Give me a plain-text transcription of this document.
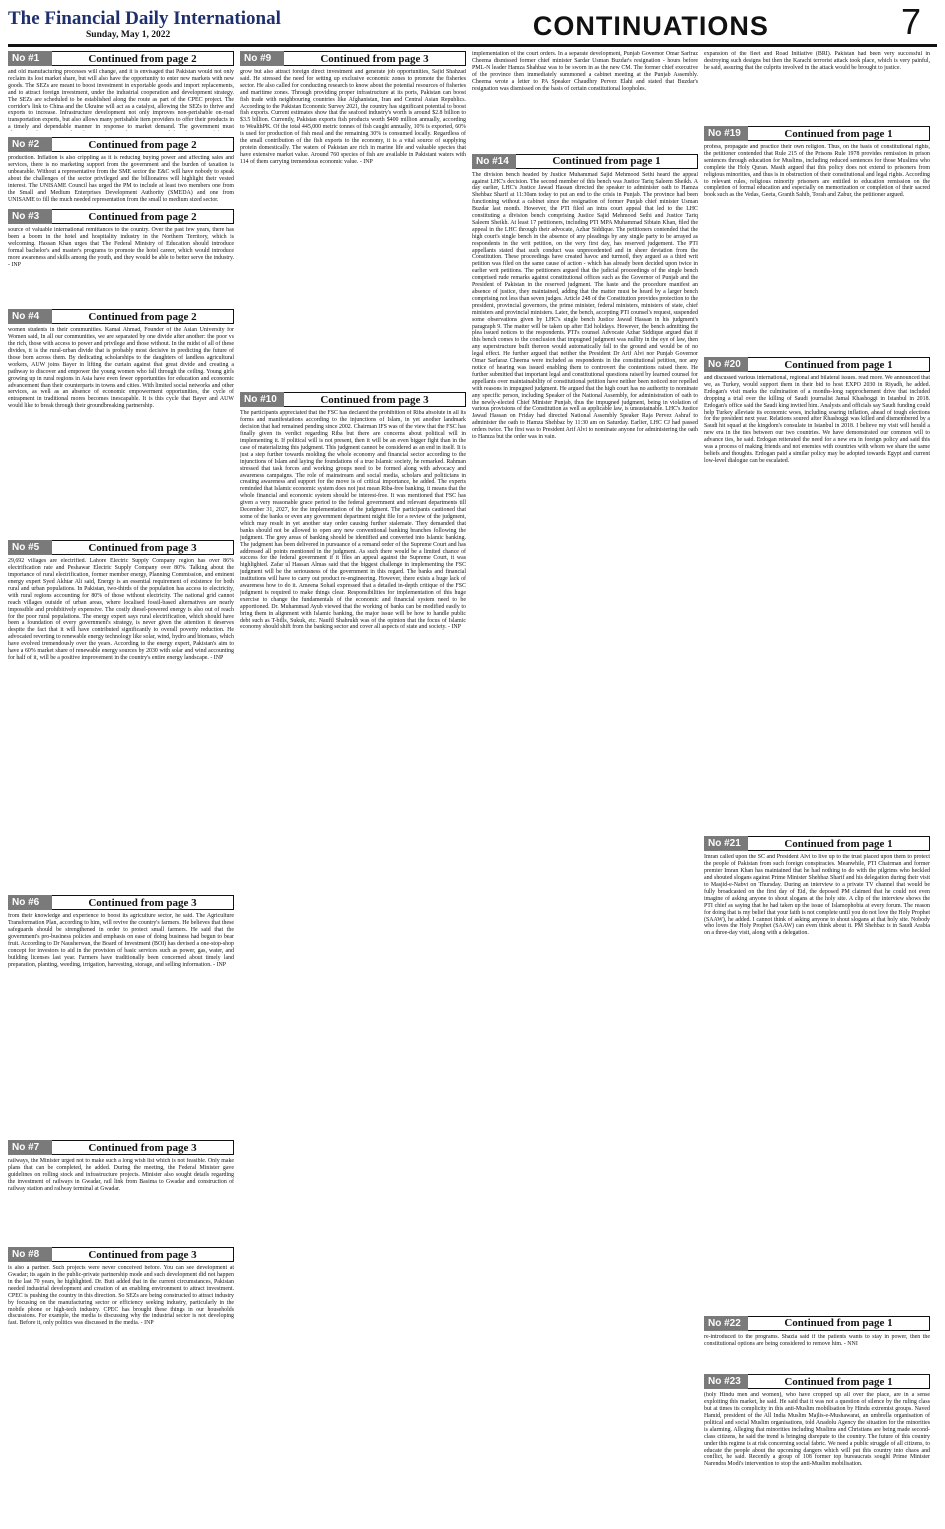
The Financial Daily International
Sunday, May 1, 2022	CONTINUATIONS	7
No #1	Continued from page 2
and old manufacturing processes will change, and it is envisaged that Pakistan would not only reclaim its lost market share, but will also have the opportunity to enter new markets with new goods. The SEZs are meant to boost investment in exportable goods and import replacements, and to attract foreign investment, under the industrial cooperation and development strategy. The SEZs are scheduled to be established along the route as part of the CPEC project. The corridor's link to China and the Ukraine will act as a catalyst, allowing the SEZs to thrive and exports to increase. Infrastructure development not only improves non-perishable on-road transportation experts, but also allows many perishable item providers to offer their products in a timely and dependable manner in response to market demand. The government must
No #2	Continued from page 2
production. Inflation is also crippling as it is reducing buying power and affecting sales and services, there is no marketing support from the government and the burden of taxation is unbearable. Without a representative from the SME sector the E&C will have nobody to speak about the challenges of the sector privileged and the billionaires will highlight their vested interest. The UNISAME Council has urged the PM to include at least two members one from the Small and Medium Enterprises Development Authority (SMEDA) and one from UNISAME to fill the much needed representation from the small to medium sized sector.
No #3	Continued from page 2
source of valuable international remittances to the country. Over the past few years, there has been a boom in the hotel and hospitality industry in the Northern Territory, which is welcoming. Hassan Khan urges that The Federal Ministry of Education should introduce formal bachelor's and master's programs to promote the hotel career, which would introduce more awareness and skills among the youth, and they would be able to better serve the industry. - INP
No #4	Continued from page 2
women students in their communities. Kamal Ahmad, Founder of the Asian University for Women said, In all our communities, we are separated by one divide after another: the poor vs the rich, those with access to power and privilege and those without. In the midst of all of these divides, it is the rural-urban divide that is probably most decisive in predicting the future of those born across them. By dedicating scholarships to the daughters of landless agricultural workers, AUW joins Bayer in lifting the curtain against that great divide and creating a pathway to discover and empower the young women who fall through the ceiling. Young girls growing up in rural regions in Asia have even fewer opportunities for education and economic advancement than their counterparts in towns and cities. With limited social networks and other services, as well as an absence of economic empowerment opportunities, the cycle of entrapment in traditional mores becomes inescapable. It is this cycle that Bayer and AUW would like to break through their groundbreaking partnership.
No #5	Continued from page 3
29,692 villages are electrified. Lahore Electric Supply Company region has over 86% electrification rate and Peshawar Electric Supply Company over 80%. Talking about the importance of rural electrification, former member energy, Planning Commission, and eminent energy expert Syed Akhtar Ali said, Energy is an essential requirement of existence for both rural and urban populations. In Pakistan, two-thirds of the population has access to electricity, with rural regions accounting for 80% of those without electricity. The national grid cannot reach villages outside of urban areas, where localised fossil-based alternatives are nearly impossible and prohibitively expensive. The costly diesel-powered energy is also out of reach for the poor rural populations. The energy expert says rural electrification, which should have been a foundation of every government's strategy, is never given the attention it deserves despite the fact that it will have contributed significantly to overall poverty reduction. He advocated reverting to renewable energy technology like solar, wind, hydro and biomass, which have evolved tremendously over the years. According to the energy expert, Pakistan's aim to have a 60% market share of renewable energy sources by 2030 with solar and wind accounting for half of it, will be a positive improvement in the country's entire energy landscape. - INP
No #6	Continued from page 3
from their knowledge and experience to boost its agriculture sector, he said. The Agriculture Transformation Plan, according to him, will revive the country's farmers. He believes that these safeguards should be strengthened in order to protect small farmers. He said that the government's pro-business policies and emphasis on ease of doing business had begun to bear fruit. According to Dr Nausherwan, the Board of Investment (BOI) has devised a one-stop-shop concept for investors to aid in the provision of basic services such as power, gas, water, and building licenses last year. Farmers have traditionally been concerned about timely land preparation, planting, weeding, irrigation, harvesting, storage, and selling information. - INP
No #7	Continued from page 3
railways, the Minister urged not to make such a long wish list which is not feasible. Only make plans that can be completed, he added. During the meeting, the Federal Minister gave guidelines on rolling stock and infrastructure projects. Minister also sought details regarding the investment of railways in Gwadar, rail link from Basima to Gwadar and construction of railway station and railway terminal at Gwadar.
No #8	Continued from page 3
is also a partner. Such projects were never conceived before. You can see development at Gwadar; its again in the public-private partnership mode and such development did not happen in the last 70 years, he highlighted. Dr. Butt added that in the current circumstances, Pakistan needed industrial development and creation of an enabling environment to attract investment. CPEC is pushing the country in this direction. So SEZs are being constructed to attract industry by focusing on the manufacturing sector or efficiency seeking industry, particularly in the mobile phone or high-tech industry. CPEC has brought these things in our households discussions. For example, the media is discussing why the industrial sector is not developing fast. Before it, only politics was discussed in the media. - INP
No #9	Continued from page 3
grow but also attract foreign direct investment and generate job opportunities, Sajid Shahzad said. He stressed the need for setting up exclusive economic zones to promote the fisheries sector. He also called for conducting research to know about the potential resources of fisheries and maritime zones. Through providing proper infrastructure at its ports, Pakistan can boost fish trade with neighbouring countries like Afghanistan, Iran and Central Asian Republics. According to the Pakistan Economic Survey 2021, the country has significant potential to boost fish exports. Current estimates show that the seafood industry's worth is around $2.8 billion to $3.5 billion. Currently, Pakistan exports fish products worth $400 million annually, according to WealthPK. Of the total 445,000 metric tonnes of fish caught annually, 10% is exported, 60% is used for production of fish meal and the remaining 30% is consumed locally. Regardless of the small contribution of the fish exports to the economy, it is a vital source of supplying protein domestically. The waters of Pakistan are rich in marine life and valuable species that have extensive market value. Around 760 species of fish are available in Pakistani waters with 114 of them carrying tremendous economic value. - INP
No #10	Continued from page 3
The participants appreciated that the FSC has declared the prohibition of Riba absolute in all its forms and manifestations according to the injunctions of Islam, in yet another landmark decision that had remained pending since 2002. Chairman IFS was of the view that the FSC has finally given its verdict regarding Riba but there are concerns about political will in implementing it. If political will is not present, then it will be an even bigger fight than in the case of materializing this judgment. This judgment cannot be considered as an end in itself. It is just a step further towards molding the whole economy and financial sector according to the injunctions of Islam and laying the foundations of a true Islamic society, he remarked. Rahman stressed that task forces and working groups need to be formed along with advocacy and awareness campaigns. The role of mainstream and social media, scholars and politicians in creating awareness and support for the move is of critical importance, he added. The experts reminded that Islamic economic system does not just mean Riba-free banking, it means that the whole financial and economic system should be interest-free. It was mentioned that FSC has given a very reasonable grace period to the federal government and relevant departments till December 31, 2027, for the implementation of the judgment. The participants cautioned that some of the banks or even any government department might file for a review of the judgment, which may result in yet another stay order causing further stalemate. They demanded that banks should not be allowed to open any new conventional banking branches following the judgment. The grey areas of banking should be identified and converted into Islamic banking. The judgment has been delivered in pursuance of a remand order of the Supreme Court and has addressed all points mentioned in the judgment. As such there would be a limited chance of success for the federal government if it files an appeal against the Supreme Court, it was highlighted. Zafar ul Hassan Almas said that the biggest challenge in implementing the FSC judgment will be the seriousness of the government in this regard. The banks and financial institutions will have to carry out product re-engineering. However, there exists a huge lack of awareness how to do it. Ameena Sohail expressed that a detailed in-depth critique of the FSC judgment is required to make things clear. Responsibilities for implementation of this huge exercise to change the fundamentals of the economic and financial system need to be apportioned. Dr. Muhammad Ayub viewed that the working of banks can be modified easily to bring them in alignment with Islamic banking, the major issue will be how to handle public debt such as T-bills, Sukuk, etc. Naufil Shahrukh was of the opinion that the focus of Islamic economy should shift from the banking sector and cover all aspects of state and society. - INP
implementation of the court orders. In a separate development, Punjab Governor Omar Sarfraz Cheema dismissed former chief minister Sardar Usman Buzdar's resignation - hours before PML-N leader Hamza Shahbaz was to be sworn in as the new CM. The former chief executive of the province then immediately summoned a cabinet meeting at the Punjab Assembly. Cheema wrote a letter to PA Speaker Chaudhry Pervez Elahi and stated that Buzdar's resignation was dismissed on the basis of certain constitutional loopholes.
No #14	Continued from page 1
The division bench headed by Justice Muhammad Sajid Mehmood Sethi heard the appeal against LHC's decision. The second member of this bench was Justice Tariq Saleem Sheikh. A day earlier, LHC's Justice Jawad Hassan directed the speaker to administer oath to Hamza Shehbaz Sharif at 11:30am today to put an end to the crisis in Punjab. The province had been functioning without a cabinet since the resignation of former Punjab chief minister Usman Buzdar last month. However, the PTI filed an intra court appeal that led to the LHC constituting a division bench comprising Justice Sajid Mehmood Sethi and Justice Tariq Saleem Sheikh. At least 17 petitioners, including PTI MPA Muhammad Sibtain Khan, filed the appeal in the LHC through their advocate, Azhar Siddique. The petitioners contended that the high court's single bench in the absence of any pleadings by any single party to be arrayed as respondents in the writ petition, on the very first day, has reserved judgement. The PTI appellants stated that such conduct was unprecedented and in sheer deviation from the Constitution. These proceedings have created havoc and turmoil, they argued as a third writ petition was filed on the same cause of action - which has already been decided upon twice in earlier writ petitions. The petitioners argued that the judicial proceedings of the single bench comprised rude remarks against constitutional offices such as the Governor of Punjab and the President of Pakistan in the reserved judgment. The haste and the procedure manifest an absence of justice, they maintained, adding that the matter must be heard by a larger bench comprising not less than seven judges. Article 248 of the Constitution provides protection to the president, provincial governors, the prime minister, federal ministers, ministers of state, chief ministers and provincial ministers. Later, the bench, accepting PTI counsel's request, suspended some observations given by LHC's single bench Justice Jawad Hassan in his judgment's paragraph 9. The matter will be taken up after Eid holidays. However, the bench admitting the plea issued notices to the respondents. PTI's counsel Advocate Azhar Siddique argued that if this bench comes to the conclusion that impugned judgment was nullity in the eye of law, then any superstructure built thereon would automatically fall to the ground and would be of no legal effect. He further argued that neither the President Dr Arif Alvi nor Punjab Governor Omar Sarfaraz Cheema were included as respondents in the constitutional petition, nor any notice of hearing was issued enabling them to controvert the contentions raised there. He further submitted that important legal and constitutional questions raised by learned counsel for appellants over maintainability of constitutional petition have neither been noticed nor repelled with reasons in impugned judgment. He argued that the high court has no authority to nominate any specific person, including Speaker of the National Assembly, for administration of oath to the newly-elected Chief Minister Punjab, thus the impugned judgment, being in violation of various provisions of the Constitution as well as applicable law, is unsustainable. LHC's Justice Jawad Hassan on Friday had directed National Assembly Speaker Raja Pervez Ashraf to administer the oath to Hamza Shehbaz by 11:30 am on Saturday. Earlier, LHC CJ had passed orders twice. The first was to President Arif Alvi to nominate anyone for administering the oath to Hamza but the order was in vain.
expansion of the fleet and Road Initiative (BRI). Pakistan had been very successful in destroying such designs but then the Karachi terrorist attack took place, which is very painful, he said, assuring that the culprits involved in the attack would be brought to justice.
No #19	Continued from page 1
profess, propagate and practice their own religion. Thus, on the basis of constitutional rights, the petitioner contended that Rule 215 of the Prisons Rule 1978 provides remission in prison sentences through education for Muslims, including reduced sentences for those Muslims who complete the Holy Quran. Masih argued that this policy does not extend to prisoners from religious minorities, and thus is in obstruction of their constitutional and legal rights. According to relevant rules, religious minority prisoners are entitled to education remission on the completion of formal education and especially on memorization or completion of their sacred book such as the Vedas, Geeta, Granth Sahib, Torah and Zabur, the petitioner argued.
No #20	Continued from page 1
and discussed various international, regional and bilateral issues. read more. We announced that we, as Turkey, would support them in their bid to host EXPO 2030 in Riyadh, he added. Erdogan's visit marks the culmination of a months-long rapprochement drive that included dropping a trial over the killing of Saudi journalist Jamal Khashoggi in Istanbul in 2018. Erdogan's office said the Saudi king invited him. Analysts and officials say Saudi funding could help Turkey alleviate its economic woes, including soaring inflation, ahead of tough elections for the president next year. Relations soured after Khashoggi was killed and dismembered by a Saudi hit squad at the kingdom's consulate in Istanbul in 2018. I believe my visit will herald a new era in the ties between our two countries. We have demonstrated our common will to advance ties, he said. Erdogan reiterated the need for a new era in foreign policy and said this was a process of making friends and not enemies with countries with whom we share the same beliefs and thoughts. Erdogan paid a similar policy may be adopted towards Egypt and current low-level dialogue can be escalated.
No #21	Continued from page 1
Imran called upon the SC and President Alvi to live up to the trust placed upon them to protect the people of Pakistan from such foreign conspiracies. Meanwhile, PTI Chairman and former premier Imran Khan has maintained that he had nothing to do with the pilgrims who heckled and shouted slogans against Prime Minister Shehbaz Sharif and his delegation during their visit to Masjid-e-Nabvi on Thursday. During an interview to a private TV channel that would be fully broadcasted on the first day of Eid, the deposed PM claimed that he could not even imagine of asking anyone to shout slogans at the holy site. A clip of the interview shows the PTI chief as saying that he had taken up the issue of Islamophobia at every forum. The reason for doing that is my belief that your faith is not complete until you do not love the Holy Prophet (SAAW), he added. I cannot think of asking anyone to shout slogans at that holy site. Nobody who loves the Holy Prophet (SAAW) can even think about it. PM Shehbaz is in Saudi Arabia on a three-day visit, along with a delegation.
No #22	Continued from page 1
re-introduced to the programs. Shazia said if the patients wants to stay in power, then the constitutional options are being considered to remove him. - NNI
No #23	Continued from page 1
(holy Hindu men and women), who have cropped up all over the place, are in a sense exploiting this market, he said. He said that it was not a question of silence by the ruling class but at times its complicity in this anti-Muslim mobilisation by Hindu extremist groups. Naved Hamid, president of the All India Muslim Majlis-e-Mushawarat, an umbrella organisation of political and social Muslim organisations, told Anadolu Agency the situation for the minorities is alarming. Alleging that minorities including Muslims and Christians are being made second-class citizens, he said the trend is bringing disrepute to the country. The future of this country under this regime is at risk concerning social fabric. We need a public struggle of all citizens, to educate the people about the upcoming dangers which will put this country into chaos and conflict, he said. Recently a group of 108 former top bureaucrats sought Prime Minister Narendra Modi's intervention to stop the anti-Muslim mobilisation.
